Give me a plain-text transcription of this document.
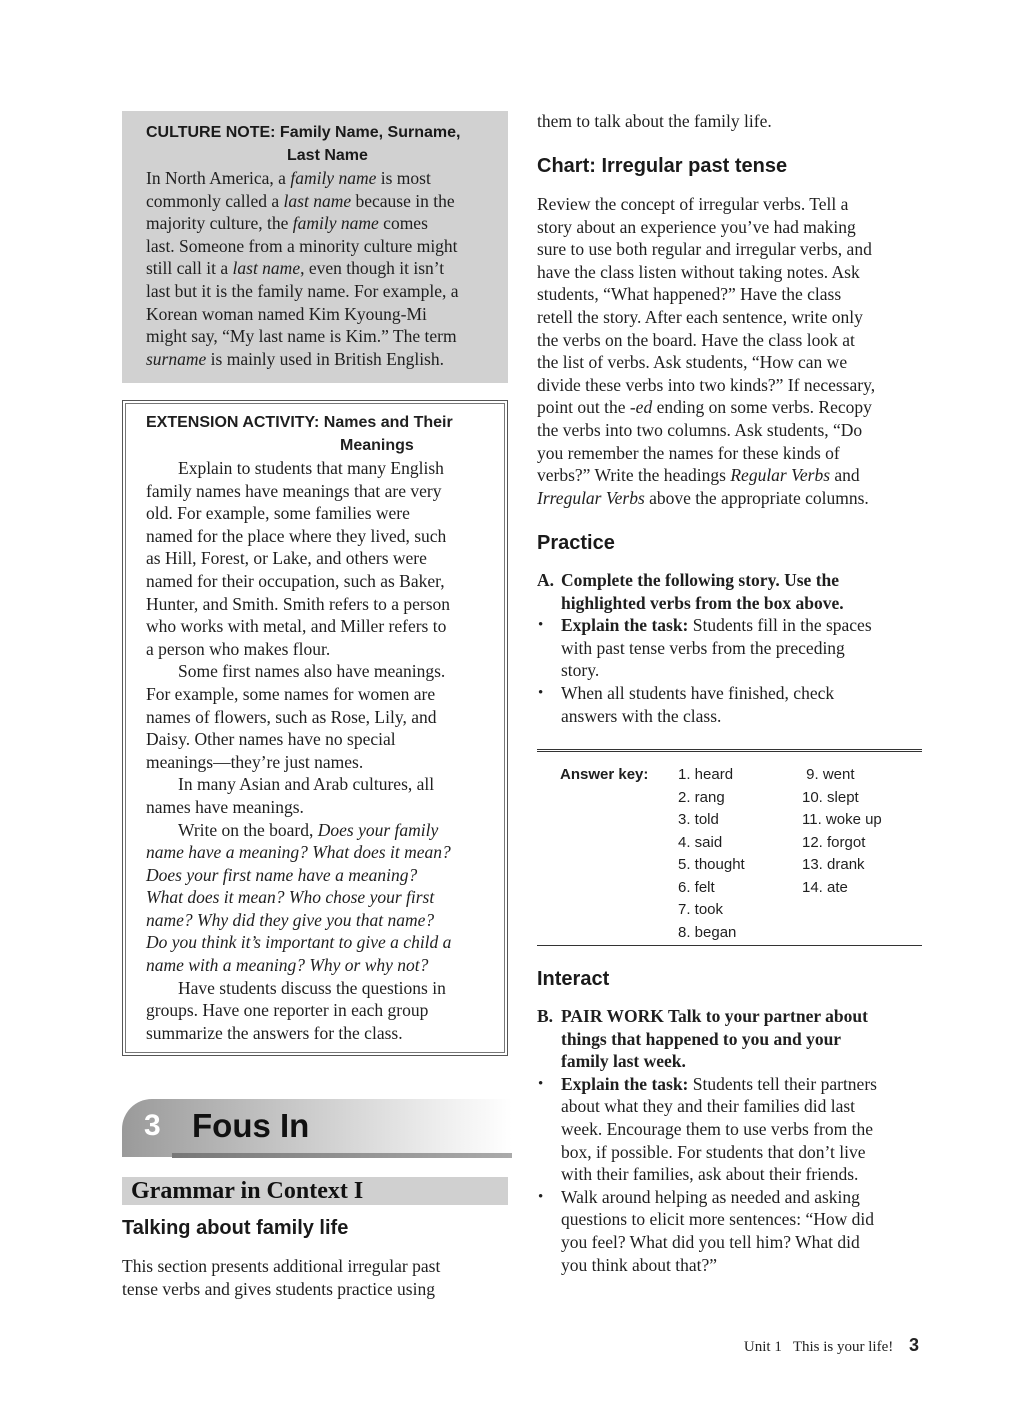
CULTURE NOTE: Family Name, Surname,
Last Name
In North America, a family name is most
commonly called a last name because in the
majority culture, the family name comes
last. Someone from a minority culture might
still call it a last name, even though it isn’t
last but it is the family name. For example, a
Korean woman named Kim Kyoung-Mi
might say, “My last name is Kim.” The term
surname is mainly used in British English.
EXTENSION ACTIVITY: Names and Their
Meanings
Explain to students that many English
family names have meanings that are very
old. For example, some families were
named for the place where they lived, such
as Hill, Forest, or Lake, and others were
named for their occupation, such as Baker,
Hunter, and Smith. Smith refers to a person
who works with metal, and Miller refers to
a person who makes flour.
Some first names also have meanings.
For example, some names for women are
names of flowers, such as Rose, Lily, and
Daisy. Other names have no special
meanings—they’re just names.
In many Asian and Arab cultures, all
names have meanings.
Write on the board, Does your family
name have a meaning? What does it mean?
Does your first name have a meaning?
What does it mean? Who chose your first
name? Why did they give you that name?
Do you think it’s important to give a child a
name with a meaning? Why or why not?
Have students discuss the questions in
groups. Have one reporter in each group
summarize the answers for the class.
3 Fous In
Grammar in Context I
Talking about family life
This section presents additional irregular past
tense verbs and gives students practice using
them to talk about the family life.
Chart: Irregular past tense
Review the concept of irregular verbs. Tell a
story about an experience you’ve had making
sure to use both regular and irregular verbs, and
have the class listen without taking notes. Ask
students, “What happened?” Have the class
retell the story. After each sentence, write only
the verbs on the board. Have the class look at
the list of verbs. Ask students, “How can we
divide these verbs into two kinds?” If necessary,
point out the -ed ending on some verbs. Recopy
the verbs into two columns. Ask students, “Do
you remember the names for these kinds of
verbs?” Write the headings Regular Verbs and
Irregular Verbs above the appropriate columns.
Practice
A. Complete the following story. Use the
highlighted verbs from the box above.
• Explain the task: Students fill in the spaces
with past tense verbs from the preceding
story.
• When all students have finished, check
answers with the class.
Answer key: 1. heard
2. rang
3. told
4. said
5. thought
6. felt
7. took
8. began
9. went
10. slept
11. woke up
12. forgot
13. drank
14. ate
Interact
B. PAIR WORK Talk to your partner about
things that happened to you and your
family last week.
• Explain the task: Students tell their partners
about what they and their families did last
week. Encourage them to use verbs from the
box, if possible. For students that don’t live
with their families, ask about their friends.
• Walk around helping as needed and asking
questions to elicit more sentences: “How did
you feel? What did you tell him? What did
you think about that?”
Unit 1 This is your life! 3
